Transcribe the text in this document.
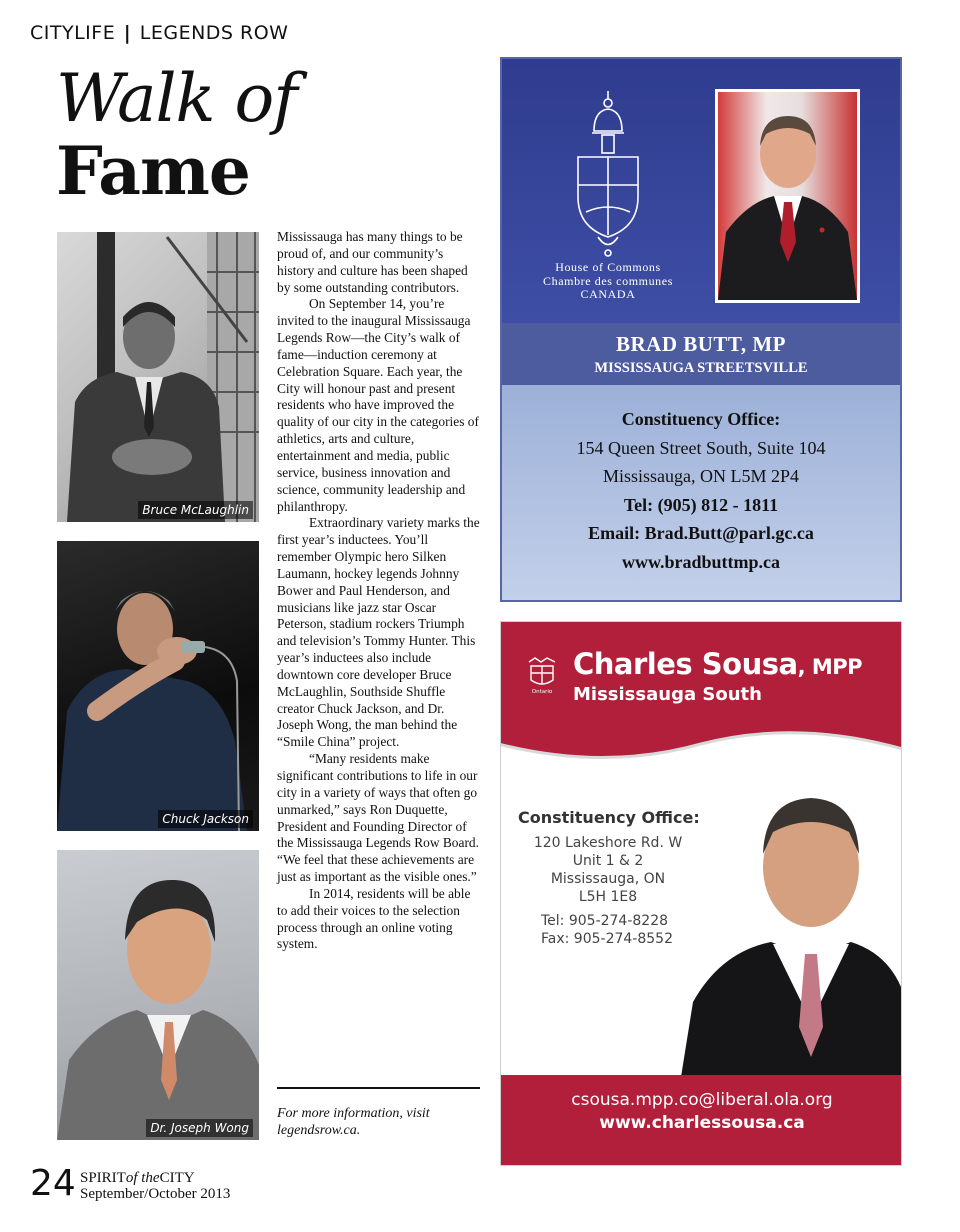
CITYLIFE | LEGENDS ROW
Walk of
Fame
Bruce McLaughlin
Chuck Jackson
Dr. Joseph Wong

Mississauga has many things to be proud of, and our community’s history and culture has been shaped by some outstanding contributors.

On September 14, you’re invited to the inaugural Mississauga Legends Row—the City’s walk of fame—induction ceremony at Celebration Square. Each year, the City will honour past and present residents who have improved the quality of our city in the categories of athletics, arts and culture, entertainment and media, public service, business innovation and science, community leadership and philanthropy.

Extraordinary variety marks the first year’s inductees. You’ll remember Olympic hero Silken Laumann, hockey legends Johnny Bower and Paul Henderson, and musicians like jazz star Oscar Peterson, stadium rockers Triumph and television’s Tommy Hunter. This year’s inductees also include downtown core developer Bruce McLaughlin, Southside Shuffle creator Chuck Jackson, and Dr. Joseph Wong, the man behind the “Smile China” project.

“Many residents make significant contributions to life in our city in a variety of ways that often go unmarked,” says Ron Duquette, President and Founding Director of the Mississauga Legends Row Board. “We feel that these achievements are just as important as the visible ones.”

In 2014, residents will be able to add their voices to the selection process through an online voting system.

For more information, visit legendsrow.ca.
24 SPIRITof theCITY
September/October 2013
House of Commons
Chambre des communes
CANADA
BRAD BUTT, MP
MISSISSAUGA STREETSVILLE
Constituency Office:
154 Queen Street South, Suite 104
Mississauga, ON L5M 2P4
Tel: (905) 812 - 1811
Email: Brad.Butt@parl.gc.ca
www.bradbuttmp.ca
Ontario
Charles Sousa, MPP
Mississauga South
Constituency Office:
120 Lakeshore Rd. W
Unit 1 & 2
Mississauga, ON
L5H 1E8
Tel: 905-274-8228
Fax: 905-274-8552
csousa.mpp.co@liberal.ola.org
www.charlessousa.ca
